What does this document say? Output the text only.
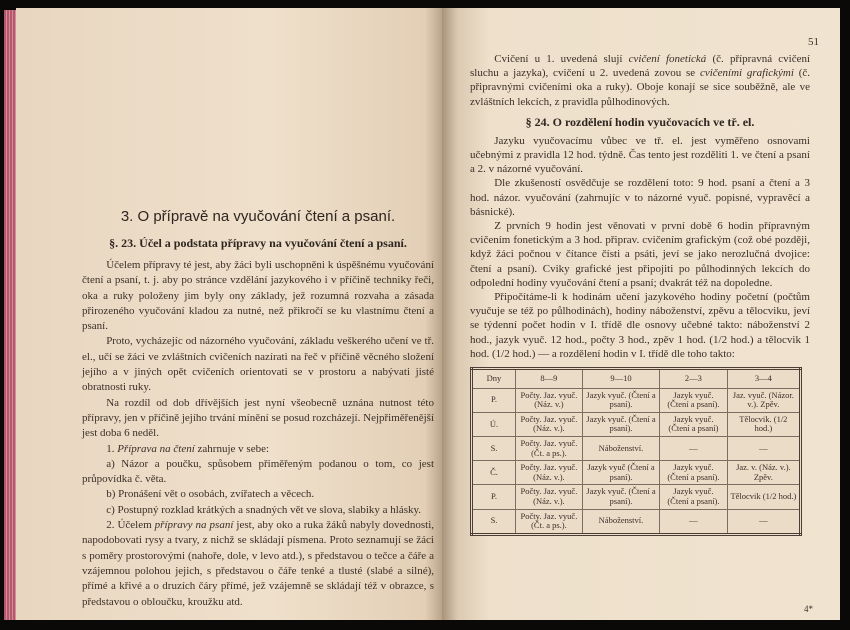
3. O přípravě na vyučování čtení a psaní.
§. 23. Účel a podstata přípravy na vyučování čtení a psaní.

Účelem přípravy té jest, aby žáci byli uschopněni k úspěšnému vyučování čtení a psaní, t. j. aby po stránce vzdělání jazykového i v příčině techniky řeči, oka a ruky položeny jim byly ony základy, jež rozumná rozvaha a zásada přirozeného vyučování kladou za nutné, než přikročí se ku vlastnímu čtení a psaní.

Proto, vycházejíc od názorného vyučování, základu veškerého učení ve tř. el., učí se žáci ve zvláštních cvičeních nazírati na řeč v příčině věcného složení jejího a v jiných opět cvičeních orientovati se v prostoru a nabývati jisté obratnosti ruky.

Na rozdíl od dob dřívějších jest nyní všeobecně uznána nutnost této přípravy, jen v příčině jejího trvání mínění se posud rozcházejí. Nejpřiměřenější jest doba 6 neděl.

1. Příprava na čtení zahrnuje v sebe:

a) Názor a poučku, spůsobem přiměřeným podanou o tom, co jest průpovídka č. věta.

b) Pronášení vět o osobách, zvířatech a věcech.

c) Postupný rozklad krátkých a snadných vět ve slova, slabiky a hlásky.

2. Účelem přípravy na psaní jest, aby oko a ruka žáků nabyly dovednosti, napodobovati rysy a tvary, z nichž se skládají písmena. Proto seznamují se žáci s poměry prostorovými (nahoře, dole, v levo atd.), s představou o tečce a čáře a vzájemnou polohou jejich, s představou o čáře tenké a tlusté (slabé a silné), přímé a křivé a o druzích čáry přímé, jež vzájemně se skládají též v obrazce, s představou o obloučku, kroužku atd.

51

Cvičení u 1. uvedená slují cvičení fonetická (č. přípravná cvičení sluchu a jazyka), cvičení u 2. uvedená zovou se cvičeními grafickými (č. připravnými cvičeními oka a ruky). Oboje konají se sice souběžně, ale ve zvláštních lekcích, z pravidla půlhodinových.

§ 24. O rozdělení hodin vyučovacích ve tř. el.

Jazyku vyučovacímu vůbec ve tř. el. jest vyměřeno osnovami učebnými z pravidla 12 hod. týdně. Čas tento jest rozděliti 1. ve čtení a psaní a 2. v názorné vyučování.

Dle zkušeností osvědčuje se rozdělení toto: 9 hod. psaní a čtení a 3 hod. názor. vyučování (zahrnujíc v to názorné vyuč. popisné, vypravěcí a básnické).

Z prvních 9 hodin jest věnovati v první době 6 hodin přípravným cvičením fonetickým a 3 hod. připrav. cvičením grafickým (což obé později, když žáci počnou v čítance čísti a psáti, jeví se jako nerozlučná dvojice: čtení a psaní). Cviky grafické jest připojiti po půlhodinných lekcích do odpolední hodiny vyučování čtení a psaní; dvakrát též na dopoledne.

Připočítáme-li k hodinám učení jazykového hodiny početní (počtům vyučuje se též po půlhodinách), hodiny náboženství, zpěvu a tělocviku, jeví se týdenní počet hodin v I. třídě dle osnovy učebné takto: náboženství 2 hod., jazyk vyuč. 12 hod., počty 3 hod., zpěv 1 hod. (1/2 hod.) a tělocvik 1 hod. (1/2 hod.) — a rozdělení hodin v I. třídě dle toho takto:

Dny	8—9	9—10	2—3	3—4
P.	Počty. Jaz. vyuč. (Náz. v.)	Jazyk vyuč. (Čtení a psaní).	Jazyk vyuč. (Čtení a psaní).	Jaz. vyuč. (Názor. v.). Zpěv.
Ú.	Počty. Jaz. vyuč. (Náz. v.).	Jazyk vyuč. (Čtení a psaní).	Jazyk vyuč. (Čtení a psaní)	Tělocvik. (1/2 hod.)
S.	Počty. Jaz. vyuč. (Čt. a ps.).	Náboženství.	—	—
Č.	Počty. Jaz. vyuč. (Náz. v.).	Jazyk vyuč (Čtení a psaní).	Jazyk vyuč. (Čtení a psaní).	Jaz. v. (Náz. v.). Zpěv.
P.	Počty. Jaz. vyuč. (Náz. v.).	Jazyk vyuč. (Čtení a psaní).	Jazyk vyuč. (Čtení a psaní).	Tělocvik (1/2 hod.)
S.	Počty. Jaz. vyuč. (Čt. a ps.).	Náboženství.	—	—
4*
